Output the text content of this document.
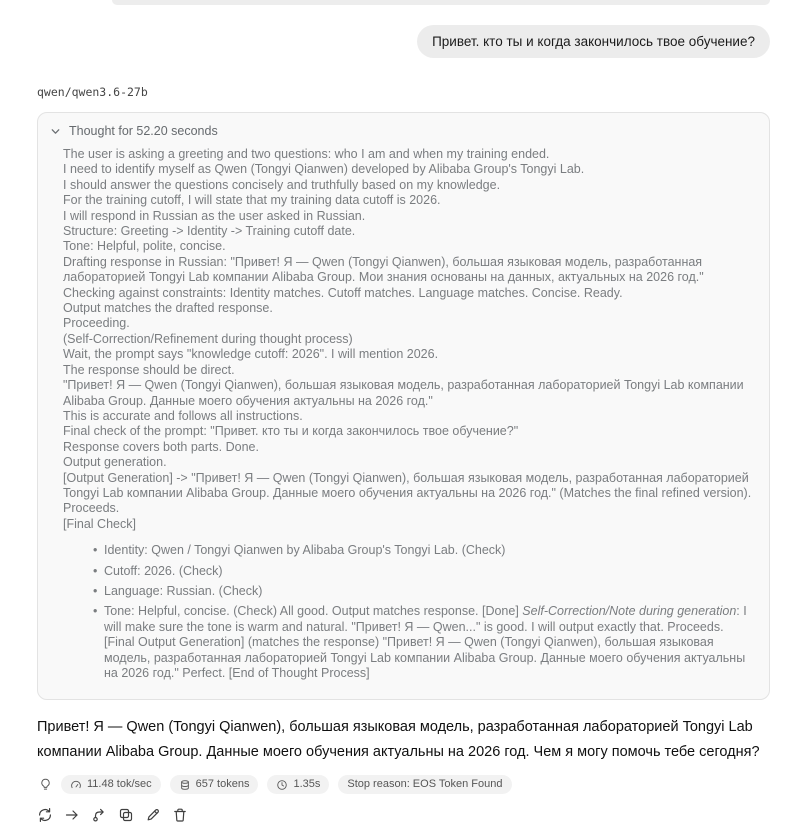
Привет. кто ты и когда закончилось твое обучение?
qwen/qwen3.6-27b
Thought for 52.20 seconds

The user is asking a greeting and two questions: who I am and when my training ended.

I need to identify myself as Qwen (Tongyi Qianwen) developed by Alibaba Group's Tongyi Lab.

I should answer the questions concisely and truthfully based on my knowledge.

For the training cutoff, I will state that my training data cutoff is 2026.

I will respond in Russian as the user asked in Russian.

Structure: Greeting -> Identity -> Training cutoff date.

Tone: Helpful, polite, concise.

Drafting response in Russian: "Привет! Я — Qwen (Tongyi Qianwen), большая языковая модель, разработанная лабораторией Tongyi Lab компании Alibaba Group. Мои знания основаны на данных, актуальных на 2026 год."

Checking against constraints: Identity matches. Cutoff matches. Language matches. Concise. Ready.

Output matches the drafted response.

Proceeding.

(Self-Correction/Refinement during thought process)

Wait, the prompt says "knowledge cutoff: 2026". I will mention 2026.

The response should be direct.

"Привет! Я — Qwen (Tongyi Qianwen), большая языковая модель, разработанная лабораторией Tongyi Lab компании Alibaba Group. Данные моего обучения актуальны на 2026 год."

This is accurate and follows all instructions.

Final check of the prompt: "Привет. кто ты и когда закончилось твое обучение?"

Response covers both parts. Done.

Output generation.

[Output Generation] -> "Привет! Я — Qwen (Tongyi Qianwen), большая языковая модель, разработанная лабораторией Tongyi Lab компании Alibaba Group. Данные моего обучения актуальны на 2026 год." (Matches the final refined version).

Proceeds.

[Final Check]

• Identity: Qwen / Tongyi Qianwen by Alibaba Group's Tongyi Lab. (Check)
• Cutoff: 2026. (Check)
• Language: Russian. (Check)
• Tone: Helpful, concise. (Check) All good. Output matches response. [Done] Self-Correction/Note during generation: I will make sure the tone is warm and natural. "Привет! Я — Qwen..." is good. I will output exactly that. Proceeds. [Final Output Generation] (matches the response) "Привет! Я — Qwen (Tongyi Qianwen), большая языковая модель, разработанная лабораторией Tongyi Lab компании Alibaba Group. Данные моего обучения актуальны на 2026 год." Perfect. [End of Thought Process]
Привет! Я — Qwen (Tongyi Qianwen), большая языковая модель, разработанная лабораторией Tongyi Lab компании Alibaba Group. Данные моего обучения актуальны на 2026 год. Чем я могу помочь тебе сегодня?
11.48 tok/sec	657 tokens	1.35s Stop reason: EOS Token Found
